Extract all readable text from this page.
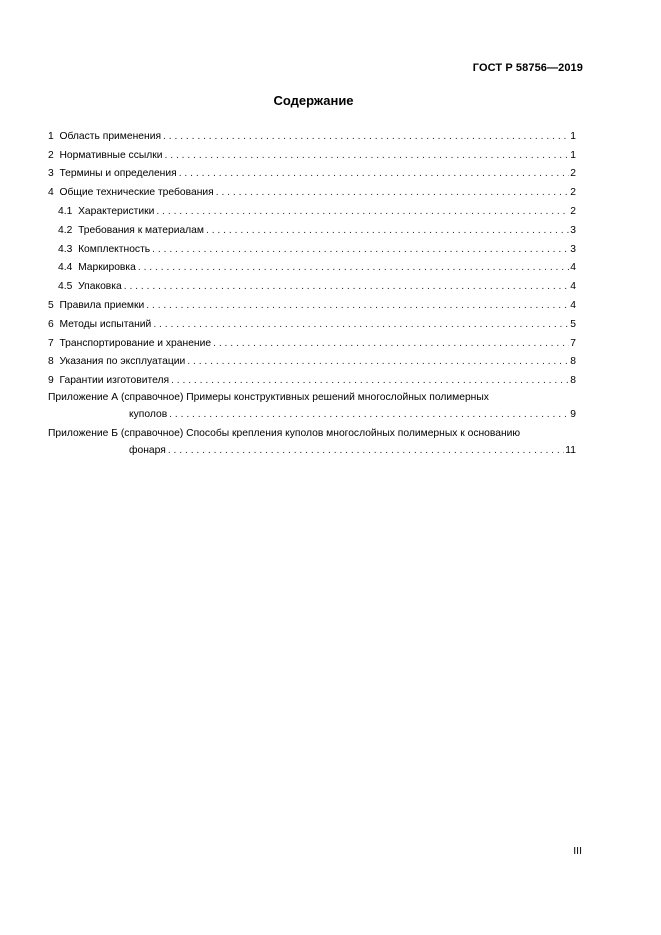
ГОСТ Р 58756—2019
Содержание
1 Область применения . . .	1
2 Нормативные ссылки . . .	1
3 Термины и определения . . .	2
4 Общие технические требования . . .	2
4.1 Характеристики . . .	2
4.2 Требования к материалам . . .	3
4.3 Комплектность . . .	3
4.4 Маркировка . . .	4
4.5 Упаковка . . .	4
5 Правила приемки . . .	4
6 Методы испытаний . . .	5
7 Транспортирование и хранение . . .	7
8 Указания по эксплуатации . . .	8
9 Гарантии изготовителя . . .	8
Приложение А (справочное) Примеры конструктивных решений многослойных полимерных
куполов . . .	9
Приложение Б (справочное) Способы крепления куполов многослойных полимерных к основанию
фонаря . . .	11
III
